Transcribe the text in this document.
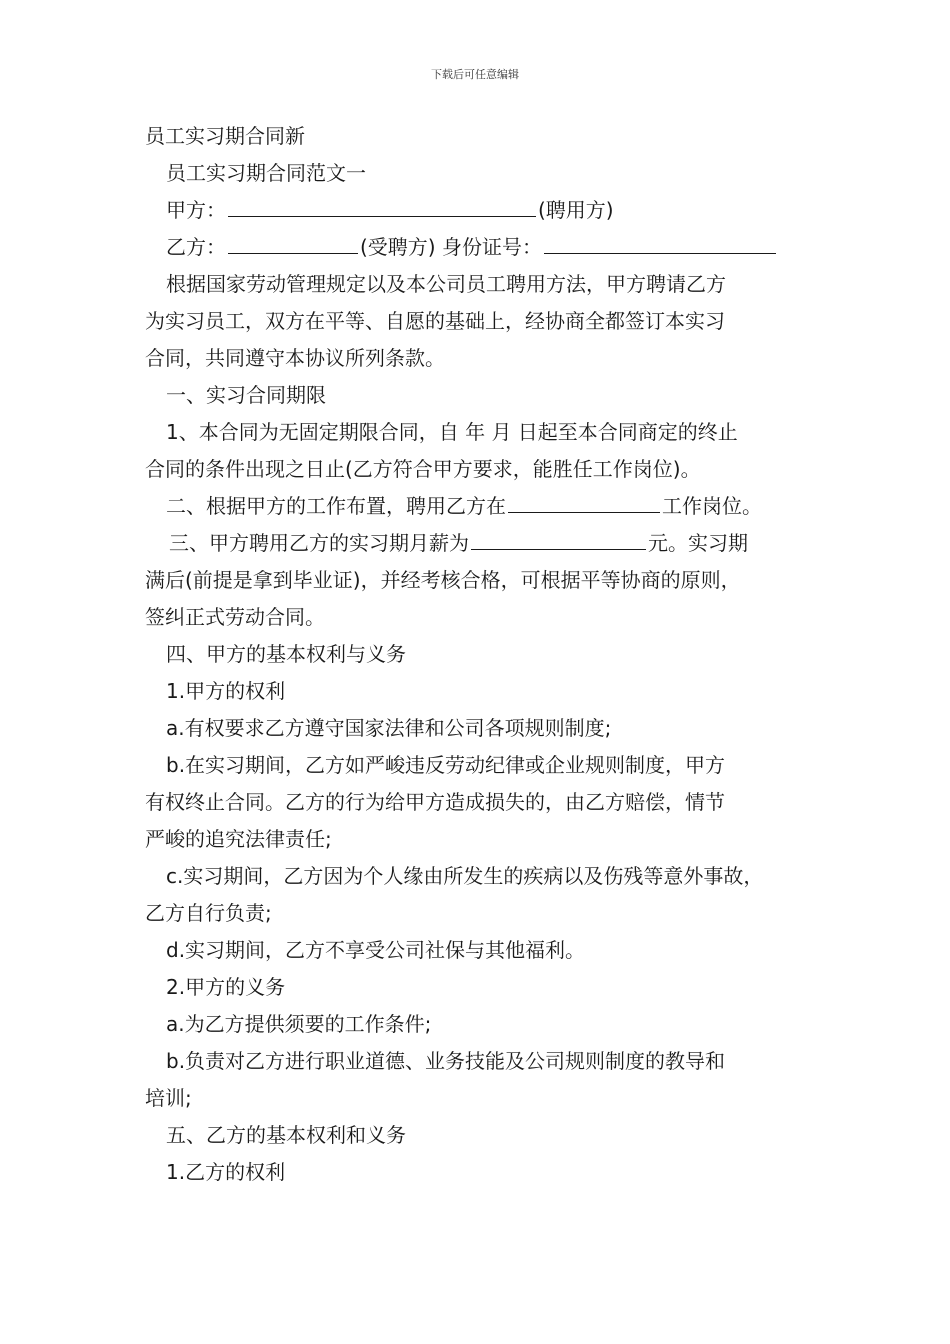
下载后可任意编辑
员工实习期合同新
员工实习期合同范文一
甲方：	(聘用方)
乙方：	(受聘方) 身份证号：
根据国家劳动管理规定以及本公司员工聘用方法，甲方聘请乙方
为实习员工，双方在平等、自愿的基础上，经协商全都签订本实习
合同，共同遵守本协议所列条款。
一、实习合同期限
1、本合同为无固定期限合同，自 年 月 日起至本合同商定的终止
合同的条件出现之日止(乙方符合甲方要求，能胜任工作岗位)。
二、根据甲方的工作布置，聘用乙方在	工作岗位。
三、甲方聘用乙方的实习期月薪为	元。实习期
满后(前提是拿到毕业证)，并经考核合格，可根据平等协商的原则，
签纠正式劳动合同。
四、甲方的基本权利与义务
1.甲方的权利
a.有权要求乙方遵守国家法律和公司各项规则制度;
b.在实习期间，乙方如严峻违反劳动纪律或企业规则制度，甲方
有权终止合同。乙方的行为给甲方造成损失的，由乙方赔偿，情节
严峻的追究法律责任;
c.实习期间，乙方因为个人缘由所发生的疾病以及伤残等意外事故，
乙方自行负责;
d.实习期间，乙方不享受公司社保与其他福利。
2.甲方的义务
a.为乙方提供须要的工作条件;
b.负责对乙方进行职业道德、业务技能及公司规则制度的教导和
培训;
五、乙方的基本权利和义务
1.乙方的权利
